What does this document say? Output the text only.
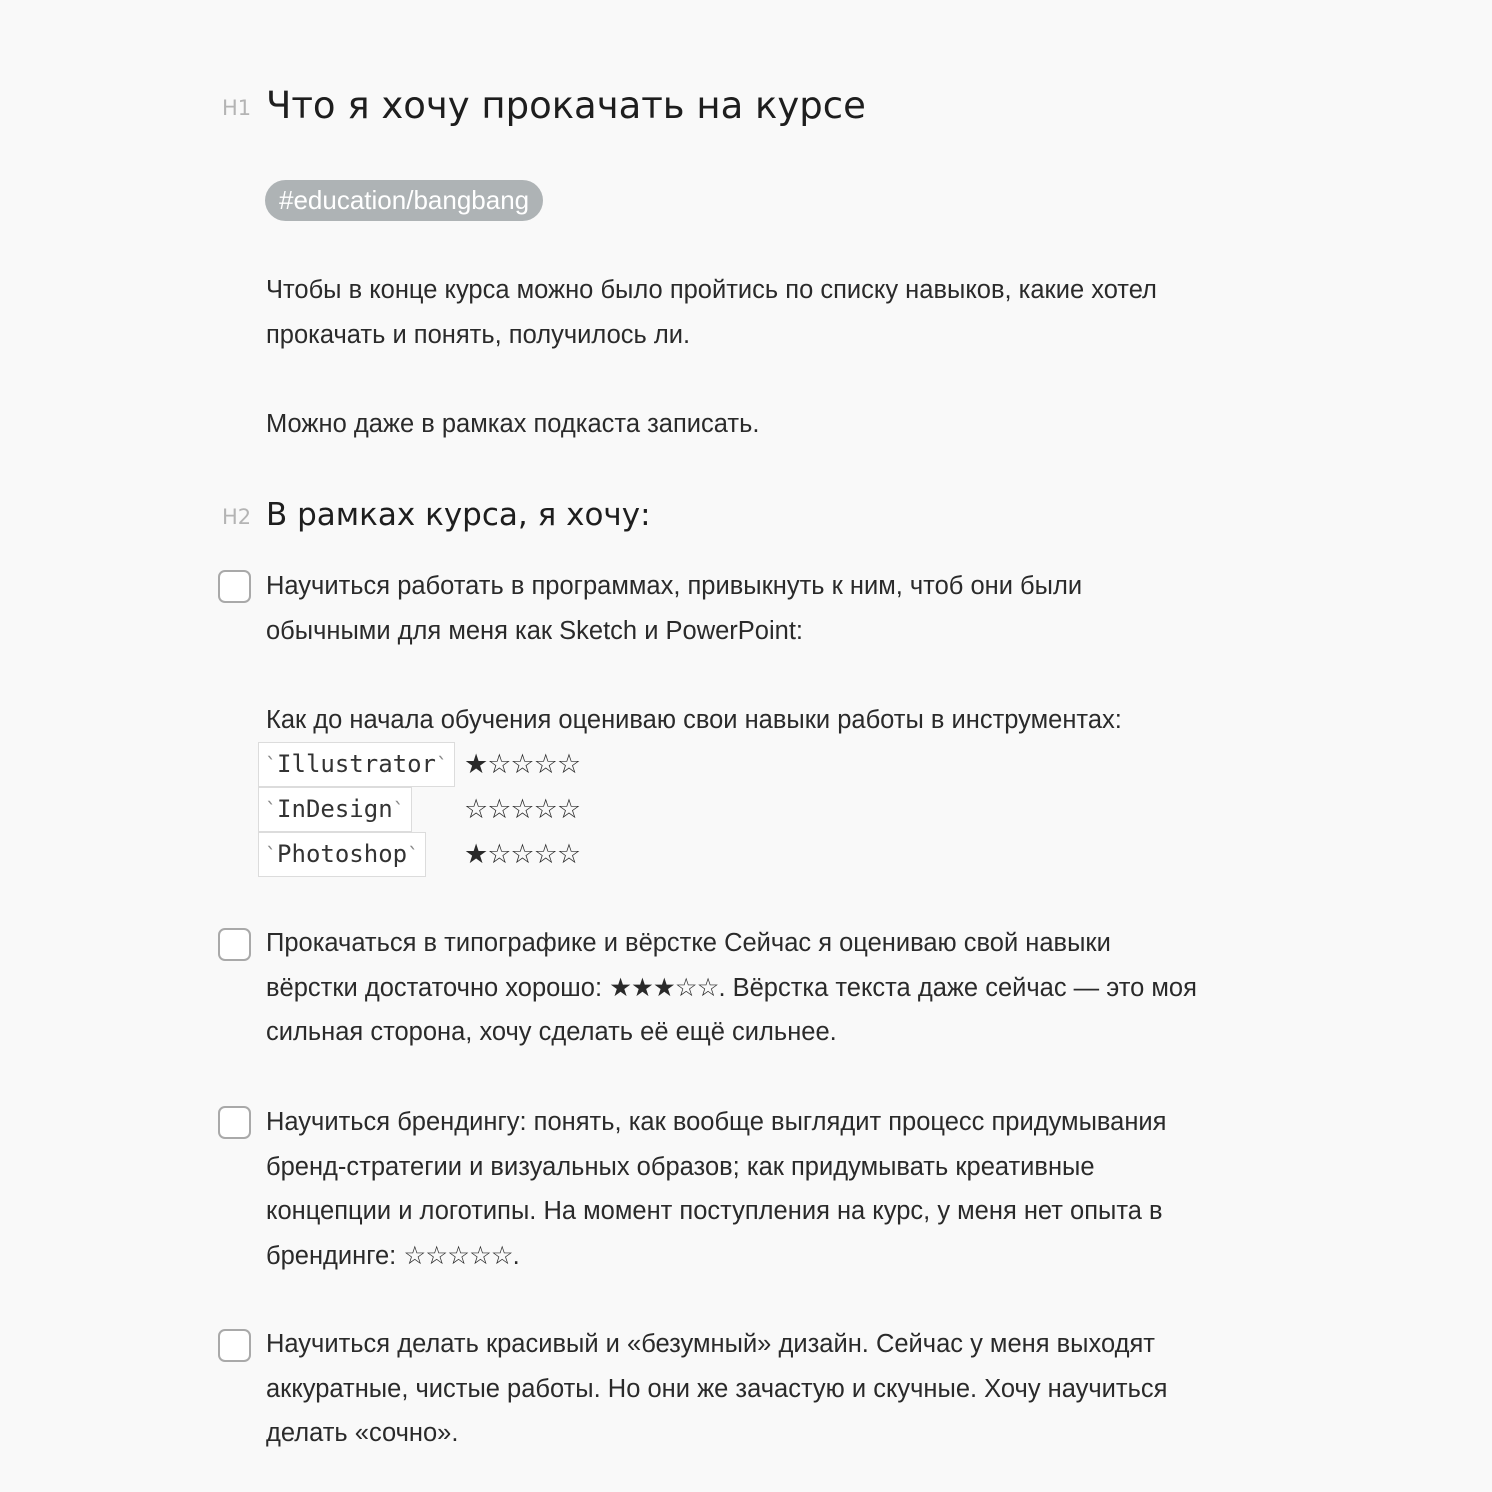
H1 Что я хочу прокачать на курсе
#education/bangbang

Чтобы в конце курса можно было пройтись по списку навыков, какие хотел прокачать и понять, получилось ли.

Можно даже в рамках подкаста записать.

H2 В рамках курса, я хочу:
Научиться работать в программах, привыкнуть к ним, чтоб они были обычными для меня как Sketch и PowerPoint:
Как до начала обучения оцениваю свои навыки работы в инструментах:
`Illustrator` ★☆☆☆☆
`InDesign` ☆☆☆☆☆
`Photoshop` ★☆☆☆☆
Прокачаться в типографике и вёрстке Сейчас я оцениваю свой навыки вёрстки достаточно хорошо: ★★★☆☆. Вёрстка текста даже сейчас — это моя сильная сторона, хочу сделать её ещё сильнее.
Научиться брендингу: понять, как вообще выглядит процесс придумывания бренд-стратегии и визуальных образов; как придумывать креативные концепции и логотипы. На момент поступления на курс, у меня нет опыта в брендинге: ☆☆☆☆☆.
Научиться делать красивый и «безумный» дизайн. Сейчас у меня выходят аккуратные, чистые работы. Но они же зачастую и скучные. Хочу научиться делать «сочно».
